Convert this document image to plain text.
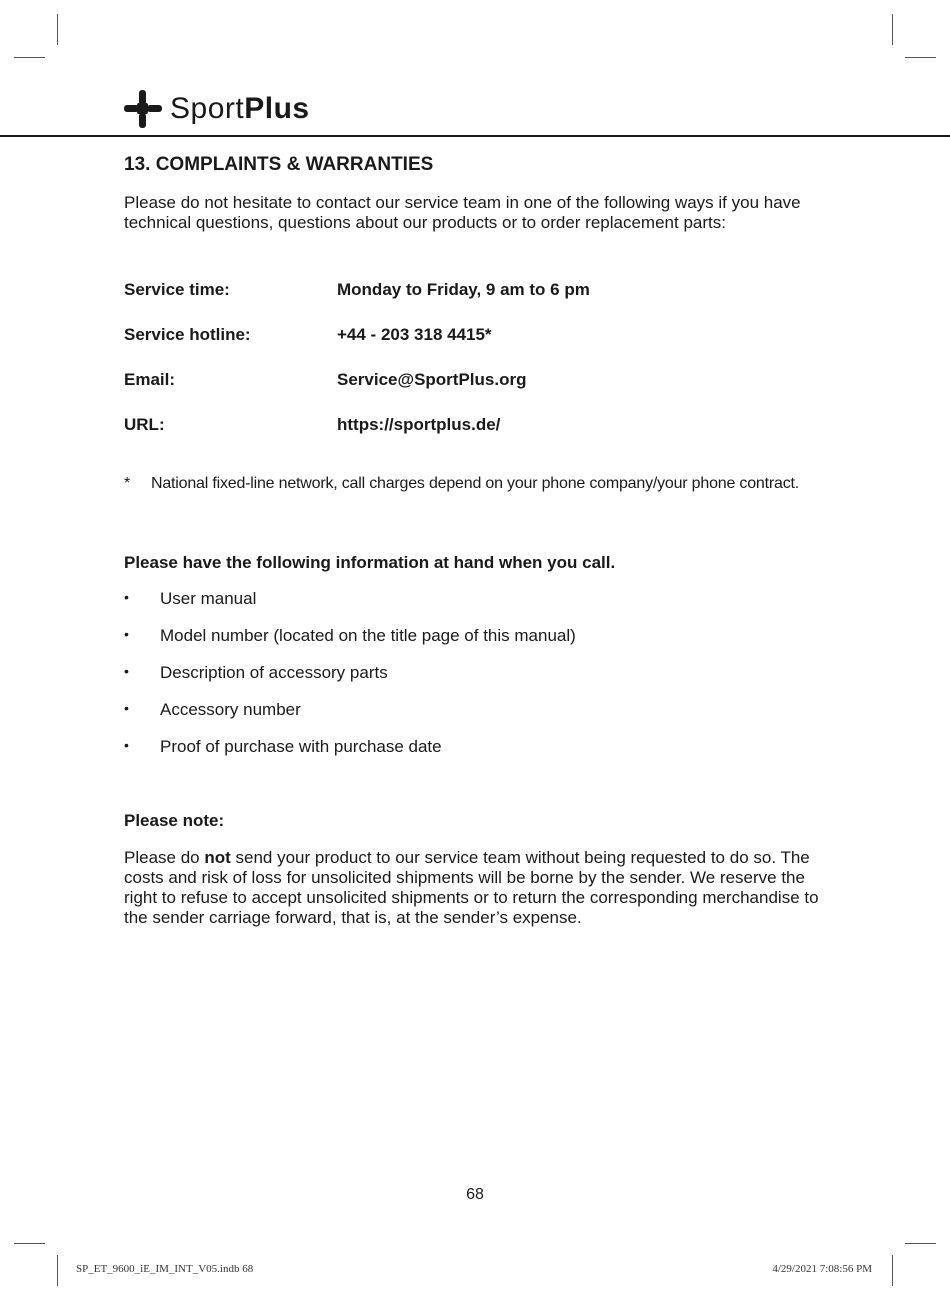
SportPlus
13. COMPLAINTS & WARRANTIES

Please do not hesitate to contact our service team in one of the following ways if you have technical questions, questions about our products or to order replacement parts:

Service time:	Monday to Friday, 9 am to 6 pm
Service hotline:	+44 - 203 318 4415*
Email:	Service@SportPlus.org
URL:	https://sportplus.de/
* National fixed-line network, call charges depend on your phone company/your phone contract.
Please have the following information at hand when you call.
• User manual
• Model number (located on the title page of this manual)
• Description of accessory parts
• Accessory number
• Proof of purchase with purchase date
Please note:

Please do not send your product to our service team without being requested to do so. The costs and risk of loss for unsolicited shipments will be borne by the sender. We reserve the right to refuse to accept unsolicited shipments or to return the corresponding merchandise to the sender carriage forward, that is, at the sender’s expense.

68
SP_ET_9600_iE_IM_INT_V05.indb 68	4/29/2021 7:08:56 PM
